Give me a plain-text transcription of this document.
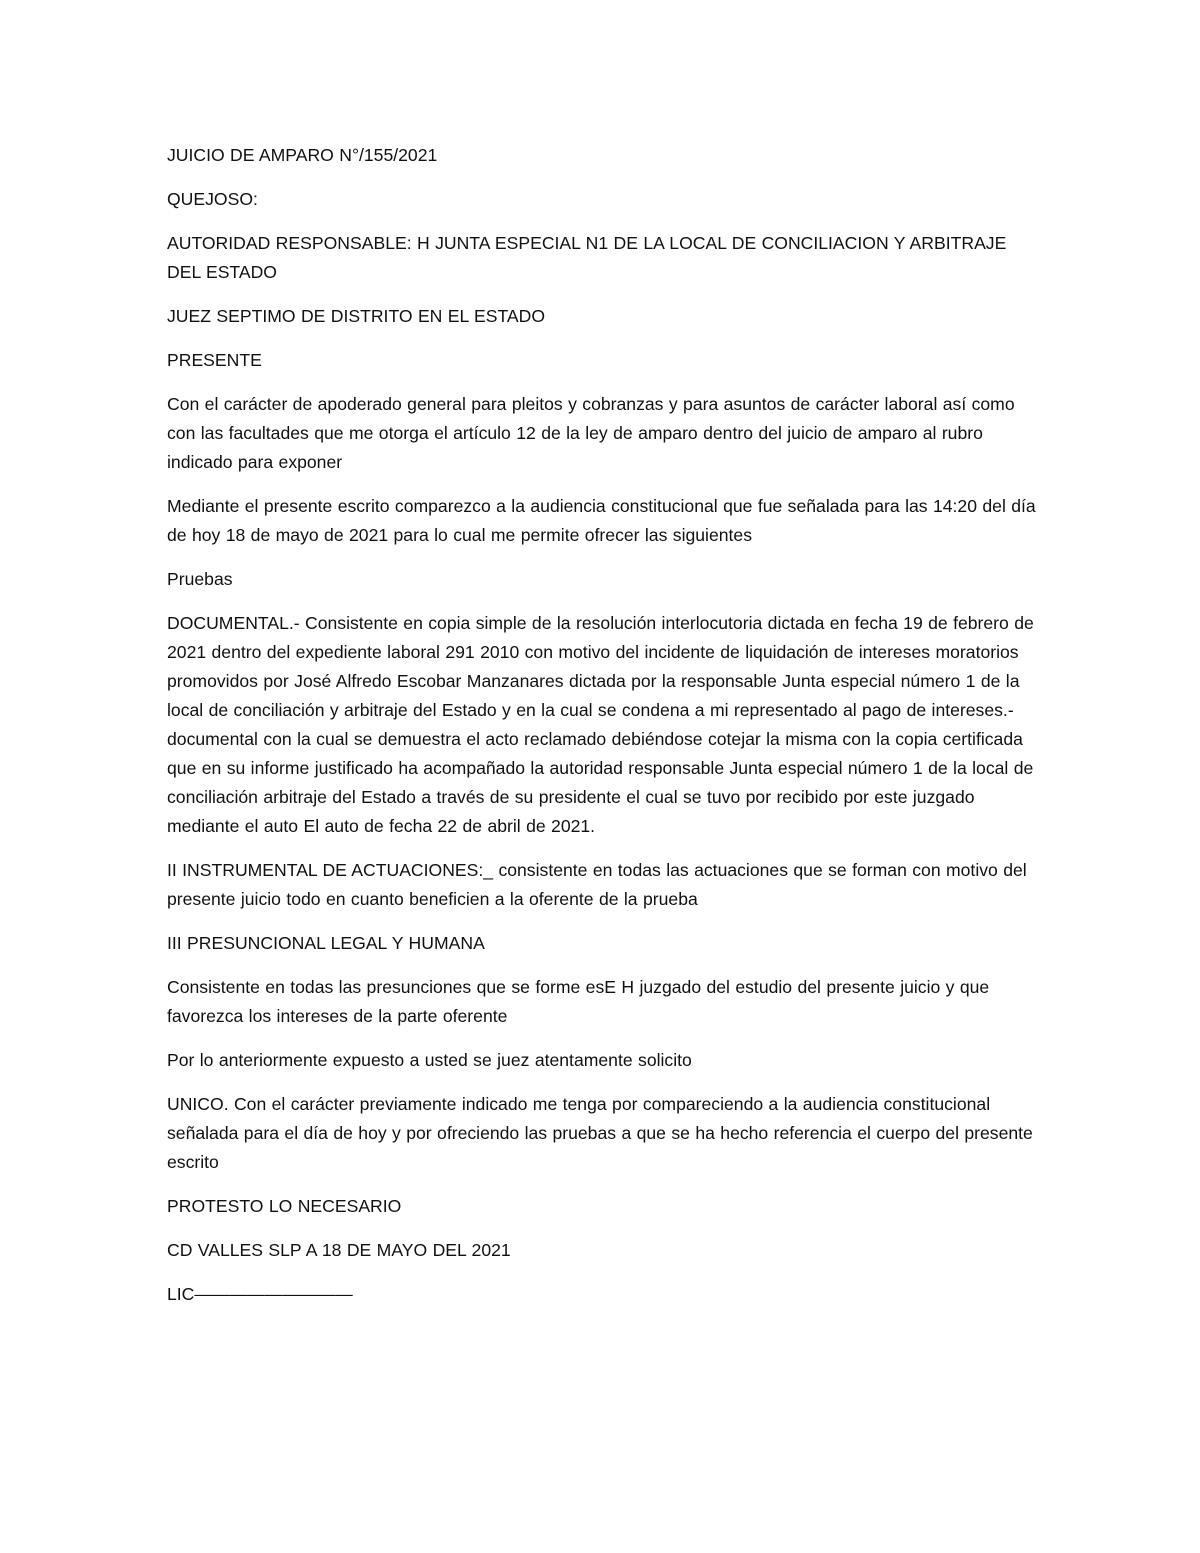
JUICIO DE AMPARO N°/155/2021

QUEJOSO:

AUTORIDAD RESPONSABLE: H JUNTA ESPECIAL N1 DE LA LOCAL DE CONCILIACION Y ARBITRAJE DEL ESTADO

JUEZ SEPTIMO DE DISTRITO EN EL ESTADO

PRESENTE

Con el carácter de apoderado general para pleitos y cobranzas y para asuntos de carácter laboral así como con las facultades que me otorga el artículo 12 de la ley de amparo dentro del juicio de amparo al rubro indicado para exponer

Mediante el presente escrito comparezco a la audiencia constitucional que fue señalada para las 14:20 del día de hoy 18 de mayo de 2021 para lo cual me permite ofrecer las siguientes

Pruebas

DOCUMENTAL.- Consistente en copia simple de la resolución interlocutoria dictada en fecha 19 de febrero de 2021 dentro del expediente laboral 291 2010 con motivo del incidente de liquidación de intereses moratorios promovidos por José Alfredo Escobar Manzanares dictada por la responsable Junta especial número 1 de la local de conciliación y arbitraje del Estado y en la cual se condena a mi representado al pago de intereses.- documental con la cual se demuestra el acto reclamado debiéndose cotejar la misma con la copia certificada que en su informe justificado ha acompañado la autoridad responsable Junta especial número 1 de la local de conciliación arbitraje del Estado a través de su presidente el cual se tuvo por recibido por este juzgado mediante el auto El auto de fecha 22 de abril de 2021.

II INSTRUMENTAL DE ACTUACIONES:_ consistente en todas las actuaciones que se forman con motivo del presente juicio todo en cuanto beneficien a la oferente de la prueba

III PRESUNCIONAL LEGAL Y HUMANA

Consistente en todas las presunciones que se forme esE H juzgado del estudio del presente juicio y que favorezca los intereses de la parte oferente

Por lo anteriormente expuesto a usted se juez atentamente solicito

UNICO. Con el carácter previamente indicado me tenga por compareciendo a la audiencia constitucional señalada para el día de hoy y por ofreciendo las pruebas a que se ha hecho referencia el cuerpo del presente escrito

PROTESTO LO NECESARIO

CD VALLES SLP A 18 DE MAYO DEL 2021

LIC—————————
